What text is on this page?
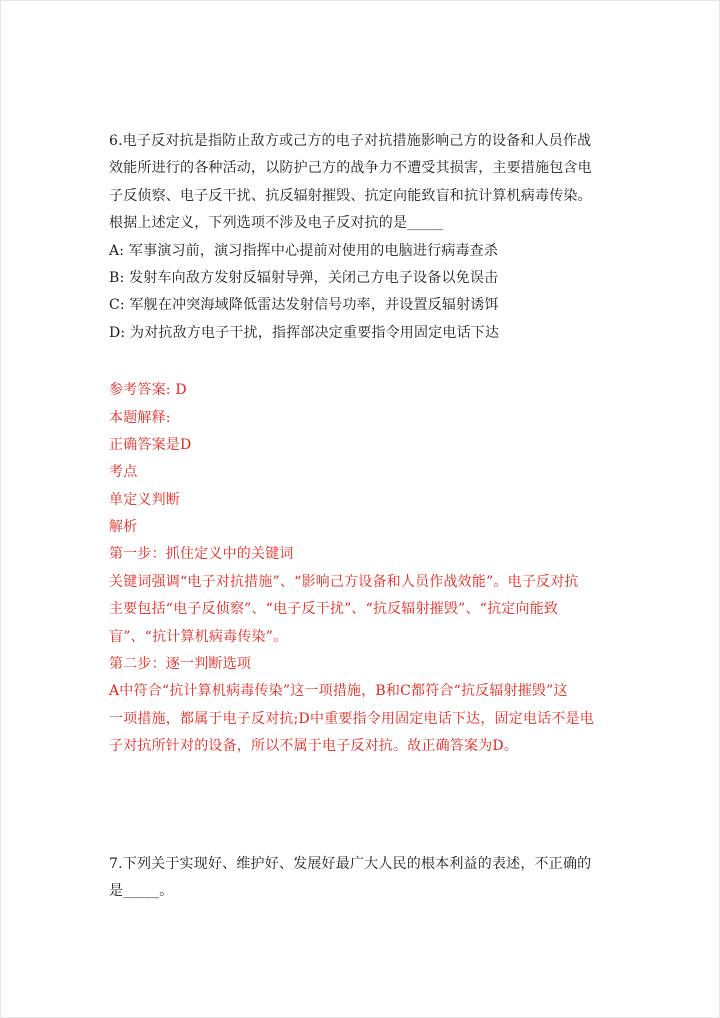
6.电子反对抗是指防止敌方或己方的电子对抗措施影响己方的设备和人员作战
效能所进行的各种活动，以防护己方的战争力不遭受其损害，主要措施包含电
子反侦察、电子反干扰、抗反辐射摧毁、抗定向能致盲和抗计算机病毒传染。
根据上述定义，下列选项不涉及电子反对抗的是_____
A: 军事演习前，演习指挥中心提前对使用的电脑进行病毒查杀
B: 发射车向敌方发射反辐射导弹，关闭己方电子设备以免误击
C: 军舰在冲突海域降低雷达发射信号功率，并设置反辐射诱饵
D: 为对抗敌方电子干扰，指挥部决定重要指令用固定电话下达
参考答案: D
本题解释:
正确答案是D
考点
单定义判断
解析
第一步：抓住定义中的关键词
关键词强调“电子对抗措施”、“影响己方设备和人员作战效能”。电子反对抗
主要包括“电子反侦察”、“电子反干扰”、“抗反辐射摧毁”、“抗定向能致
盲”、“抗计算机病毒传染”。
第二步：逐一判断选项
A中符合“抗计算机病毒传染”这一项措施，B和C都符合“抗反辐射摧毁”这
一项措施，都属于电子反对抗;D中重要指令用固定电话下达，固定电话不是电
子对抗所针对的设备，所以不属于电子反对抗。故正确答案为D。
7.下列关于实现好、维护好、发展好最广大人民的根本利益的表述，不正确的
是_____。
